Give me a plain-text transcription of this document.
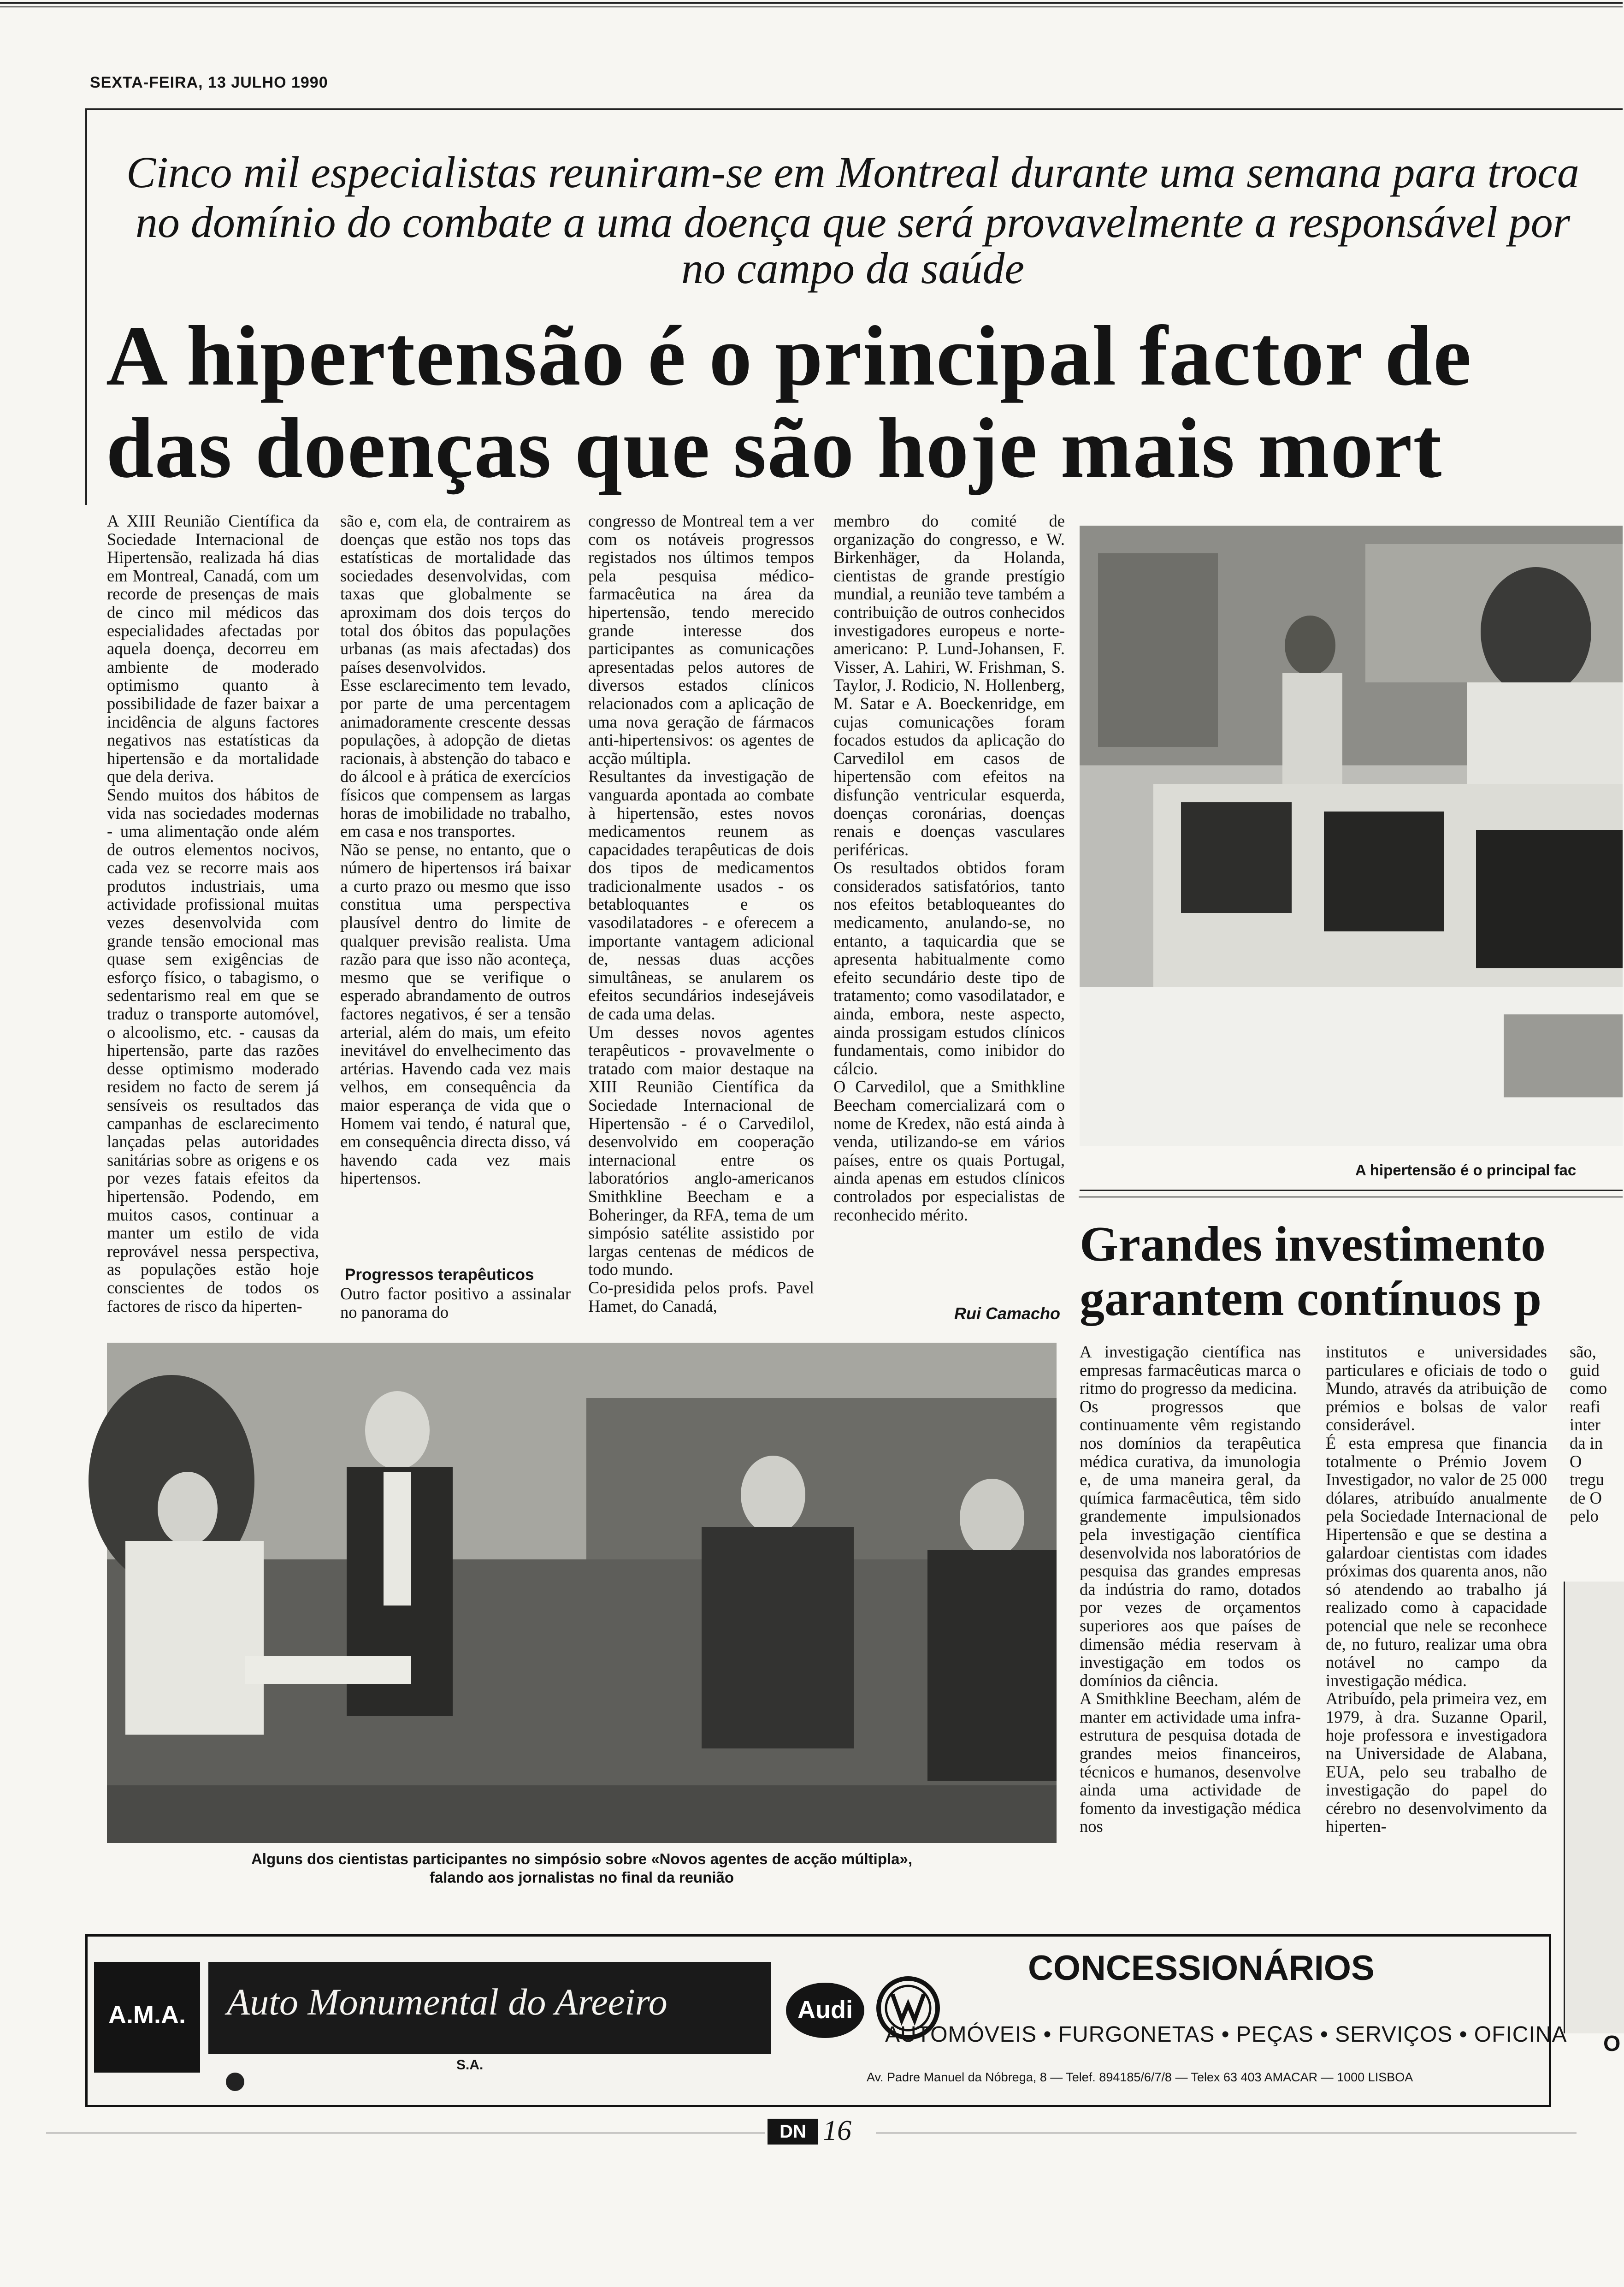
SEXTA-FEIRA, 13 JULHO 1990
Cinco mil especialistas reuniram-se em Montreal durante uma semana para troca
no domínio do combate a uma doença que será provavelmente a responsável por
no campo da saúde
A hipertensão é o principal factor de
das doenças que são hoje mais mort
A XIII Reunião Científica da Sociedade Internacional de Hipertensão, realizada há dias em Montreal, Canadá, com um recorde de presenças de mais de cinco mil médicos das especialidades afectadas por aquela doença, decorreu em ambiente de moderado optimismo quanto à possibilidade de fazer baixar a incidência de alguns factores negativos nas estatísticas da hipertensão e da mortalidade que dela deriva.
Sendo muitos dos hábitos de vida nas sociedades modernas - uma alimentação onde além de outros elementos nocivos, cada vez se recorre mais aos produtos industriais, uma actividade profissional muitas vezes desenvolvida com grande tensão emocional mas quase sem exigências de esforço físico, o tabagismo, o sedentarismo real em que se traduz o transporte automóvel, o alcoolismo, etc. - causas da hipertensão, parte das razões desse optimismo moderado residem no facto de serem já sensíveis os resultados das campanhas de esclarecimento lançadas pelas autoridades sanitárias sobre as origens e os por vezes fatais efeitos da hipertensão. Podendo, em muitos casos, continuar a manter um estilo de vida reprovável nessa perspectiva, as populações estão hoje conscientes de todos os factores de risco da hiperten-
são e, com ela, de contrairem as doenças que estão nos tops das estatísticas de mortalidade das sociedades desenvolvidas, com taxas que globalmente se aproximam dos dois terços do total dos óbitos das populações urbanas (as mais afectadas) dos países desenvolvidos.
Esse esclarecimento tem levado, por parte de uma percentagem animadoramente crescente dessas populações, à adopção de dietas racionais, à abstenção do tabaco e do álcool e à prática de exercícios físicos que compensem as largas horas de imobilidade no trabalho, em casa e nos transportes.
Não se pense, no entanto, que o número de hipertensos irá baixar a curto prazo ou mesmo que isso constitua uma perspectiva plausível dentro do limite de qualquer previsão realista. Uma razão para que isso não aconteça, mesmo que se verifique o esperado abrandamento de outros factores negativos, é ser a tensão arterial, além do mais, um efeito inevitável do envelhecimento das artérias. Havendo cada vez mais velhos, em consequência da maior esperança de vida que o Homem vai tendo, é natural que, em consequência directa disso, vá havendo cada vez mais hipertensos.
Progressos terapêuticos
Outro factor positivo a assinalar no panorama do
congresso de Montreal tem a ver com os notáveis progressos registados nos últimos tempos pela pesquisa médico-farmacêutica na área da hipertensão, tendo merecido grande interesse dos participantes as comunicações apresentadas pelos autores de diversos estados clínicos relacionados com a aplicação de uma nova geração de fármacos anti-hipertensivos: os agentes de acção múltipla.
Resultantes da investigação de vanguarda apontada ao combate à hipertensão, estes novos medicamentos reunem as capacidades terapêuticas de dois dos tipos de medicamentos tradicionalmente usados - os betabloquantes e os vasodilatadores - e oferecem a importante vantagem adicional de, nessas duas acções simultâneas, se anularem os efeitos secundários indesejáveis de cada uma delas.
Um desses novos agentes terapêuticos - provavelmente o tratado com maior destaque na XIII Reunião Científica da Sociedade Internacional de Hipertensão - é o Carvedilol, desenvolvido em cooperação internacional entre os laboratórios anglo-americanos Smithkline Beecham e a Boheringer, da RFA, tema de um simpósio satélite assistido por largas centenas de médicos de todo mundo.
Co-presidida pelos profs. Pavel Hamet, do Canadá,
membro do comité de organização do congresso, e W. Birkenhäger, da Holanda, cientistas de grande prestígio mundial, a reunião teve também a contribuição de outros conhecidos investigadores europeus e norte-americano: P. Lund-Johansen, F. Visser, A. Lahiri, W. Frishman, S. Taylor, J. Rodicio, N. Hollenberg, M. Satar e A. Boeckenridge, em cujas comunicações foram focados estudos da aplicação do Carvedilol em casos de hipertensão com efeitos na disfunção ventricular esquerda, doenças coronárias, doenças renais e doenças vasculares periféricas.
Os resultados obtidos foram considerados satisfatórios, tanto nos efeitos betabloqueantes do medicamento, anulando-se, no entanto, a taquicardia que se apresenta habitualmente como efeito secundário deste tipo de tratamento; como vasodilatador, e ainda, embora, neste aspecto, ainda prossigam estudos clínicos fundamentais, como inibidor do cálcio.
O Carvedilol, que a Smithkline Beecham comercializará com o nome de Kredex, não está ainda à venda, utilizando-se em vários países, entre os quais Portugal, ainda apenas em estudos clínicos controlados por especialistas de reconhecido mérito.
Rui Camacho
A hipertensão é o principal fac
Alguns dos cientistas participantes no simpósio sobre «Novos agentes de acção múltipla»,
falando aos jornalistas no final da reunião
Grandes investimento
garantem contínuos p
A investigação científica nas empresas farmacêuticas marca o ritmo do progresso da medicina.
Os progressos que continuamente vêm registando nos domínios da terapêutica médica curativa, da imunologia e, de uma maneira geral, da química farmacêutica, têm sido grandemente impulsionados pela investigação científica desenvolvida nos laboratórios de pesquisa das grandes empresas da indústria do ramo, dotados por vezes de orçamentos superiores aos que países de dimensão média reservam à investigação em todos os domínios da ciência.
A Smithkline Beecham, além de manter em actividade uma infra-estrutura de pesquisa dotada de grandes meios financeiros, técnicos e humanos, desenvolve ainda uma actividade de fomento da investigação médica nos
institutos e universidades particulares e oficiais de todo o Mundo, através da atribuição de prémios e bolsas de valor considerável.
É esta empresa que financia totalmente o Prémio Jovem Investigador, no valor de 25 000 dólares, atribuído anualmente pela Sociedade Internacional de Hipertensão e que se destina a galardoar cientistas com idades próximas dos quarenta anos, não só atendendo ao trabalho já realizado como à capacidade potencial que nele se reconhece de, no futuro, realizar uma obra notável no campo da investigação médica.
Atribuído, pela primeira vez, em 1979, à dra. Suzanne Oparil, hoje professora e investigadora na Universidade de Alabana, EUA, pelo seu trabalho de investigação do papel do cérebro no desenvolvimento da hiperten-
são,
guid
como
reafi
inter
da in
O
tregu
de O
pelo
O
A.M.A.	Auto Monumental do Areeiro
S.A.
Audi
CONCESSIONÁRIOS
AUTOMÓVEIS • FURGONETAS • PEÇAS • SERVIÇOS • OFICINA
Av. Padre Manuel da Nóbrega, 8 — Telef. 894185/6/7/8 — Telex 63 403 AMACAR — 1000 LISBOA
DN 16
